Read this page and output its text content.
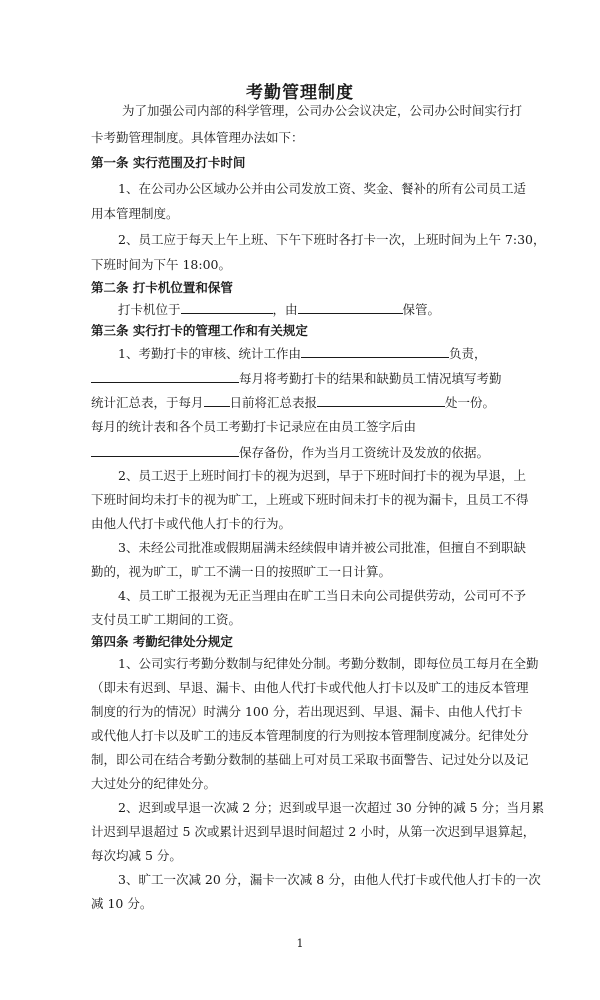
考勤管理制度
为了加强公司内部的科学管理，公司办公会议决定，公司办公时间实行打
卡考勤管理制度。具体管理办法如下：
第一条 实行范围及打卡时间
1、在公司办公区域办公并由公司发放工资、奖金、餐补的所有公司员工适
用本管理制度。
2、员工应于每天上午上班、下午下班时各打卡一次，上班时间为上午 7:30，
下班时间为下午 18:00。
第二条 打卡机位置和保管
打卡机位于	，由	保管。
第三条 实行打卡的管理工作和有关规定
1、考勤打卡的审核、统计工作由	负责，
每月将考勤打卡的结果和缺勤员工情况填写考勤
统计汇总表，于每月 日前将汇总表报	处一份。
每月的统计表和各个员工考勤打卡记录应在由员工签字后由
保存备份，作为当月工资统计及发放的依据。
2、员工迟于上班时间打卡的视为迟到，早于下班时间打卡的视为早退，上
下班时间均未打卡的视为旷工，上班或下班时间未打卡的视为漏卡，且员工不得
由他人代打卡或代他人打卡的行为。
3、未经公司批准或假期届满未经续假申请并被公司批准，但擅自不到职缺
勤的，视为旷工，旷工不满一日的按照旷工一日计算。
4、员工旷工报视为无正当理由在旷工当日未向公司提供劳动，公司可不予
支付员工旷工期间的工资。
第四条 考勤纪律处分规定
1、公司实行考勤分数制与纪律处分制。考勤分数制，即每位员工每月在全勤
（即未有迟到、早退、漏卡、由他人代打卡或代他人打卡以及旷工的违反本管理
制度的行为的情况）时满分 100 分，若出现迟到、早退、漏卡、由他人代打卡
或代他人打卡以及旷工的违反本管理制度的行为则按本管理制度减分。纪律处分
制，即公司在结合考勤分数制的基础上可对员工采取书面警告、记过处分以及记
大过处分的纪律处分。
2、迟到或早退一次减 2 分；迟到或早退一次超过 30 分钟的减 5 分；当月累
计迟到早退超过 5 次或累计迟到早退时间超过 2 小时，从第一次迟到早退算起，
每次均减 5 分。
3、旷工一次减 20 分，漏卡一次减 8 分，由他人代打卡或代他人打卡的一次
减 10 分。
1
